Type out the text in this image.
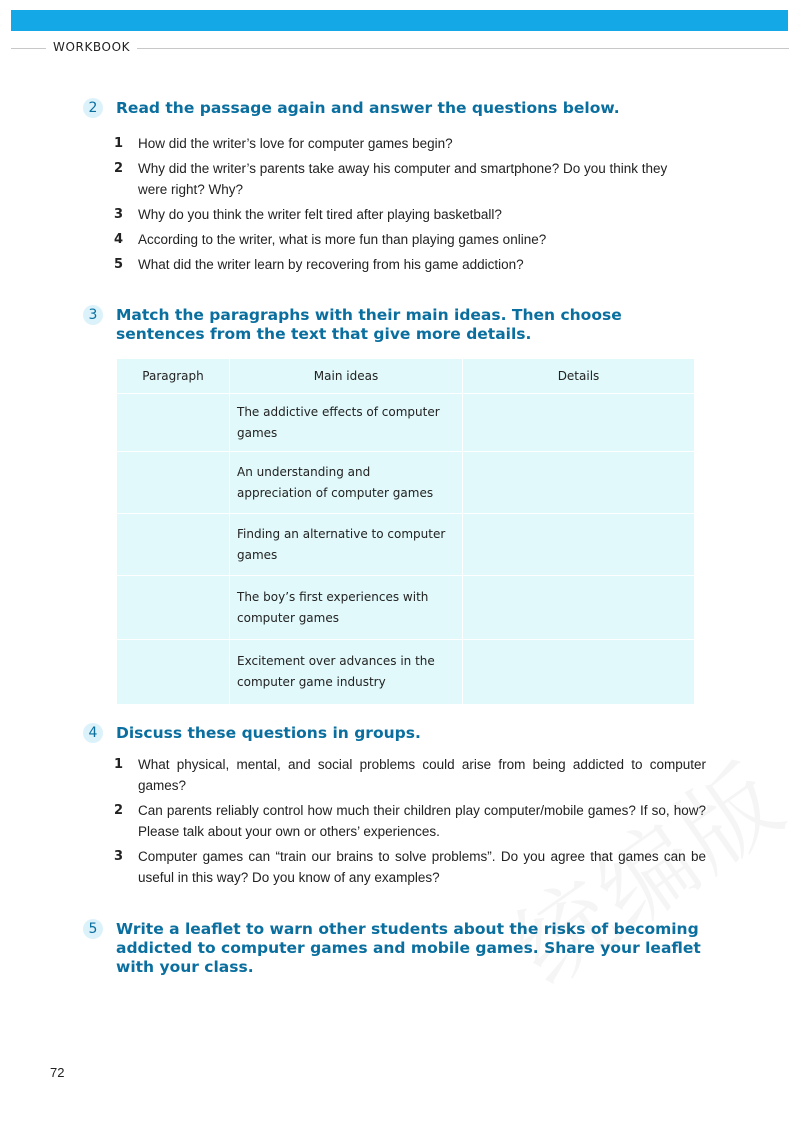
WORKBOOK
2	Read the passage again and answer the questions below.
1 How did the writer’s love for computer games begin?
2 Why did the writer’s parents take away his computer and smartphone? Do you think they were right? Why?
3 Why do you think the writer felt tired after playing basketball?
4 According to the writer, what is more fun than playing games online?
5 What did the writer learn by recovering from his game addiction?
3	Match the paragraphs with their main ideas. Then choose sentences from the text that give more details.
Paragraph	Main ideas	Details
	The addictive effects of computer games	
	An understanding and appreciation of computer games	
	Finding an alternative to computer games	
	The boy’s first experiences with computer games	
	Excitement over advances in the computer game industry	
4	Discuss these questions in groups.
1 What physical, mental, and social problems could arise from being addicted to computer games?
2 Can parents reliably control how much their children play computer/mobile games? If so, how? Please talk about your own or others’ experiences.
3 Computer games can “train our brains to solve problems”. Do you agree that games can be useful in this way? Do you know of any examples?
5	Write a leaflet to warn other students about the risks of becoming addicted to computer games and mobile games. Share your leaflet with your class.
72
